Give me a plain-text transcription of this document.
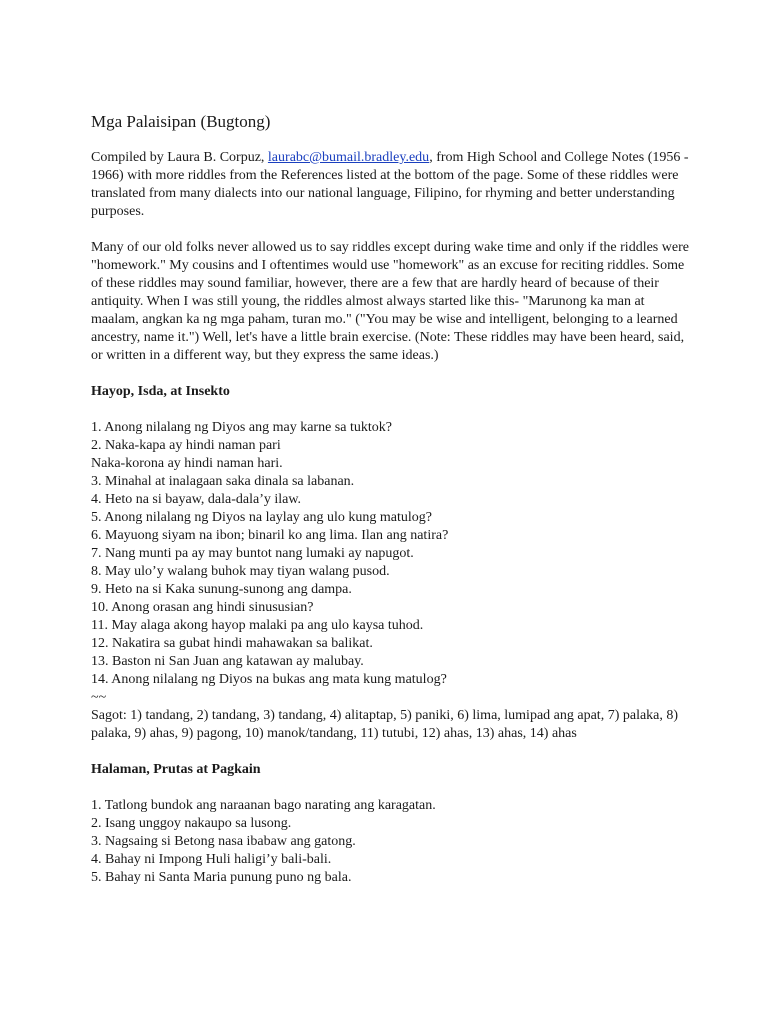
Mga Palaisipan (Bugtong)

Compiled by Laura B. Corpuz, laurabc@bumail.bradley.edu, from High School and College Notes (1956 - 1966) with more riddles from the References listed at the bottom of the page. Some of these riddles were translated from many dialects into our national language, Filipino, for rhyming and better understanding purposes.

Many of our old folks never allowed us to say riddles except during wake time and only if the riddles were "homework." My cousins and I oftentimes would use "homework" as an excuse for reciting riddles. Some of these riddles may sound familiar, however, there are a few that are hardly heard of because of their antiquity. When I was still young, the riddles almost always started like this- "Marunong ka man at maalam, angkan ka ng mga paham, turan mo." ("You may be wise and intelligent, belonging to a learned ancestry, name it.") Well, let's have a little brain exercise. (Note: These riddles may have been heard, said, or written in a different way, but they express the same ideas.)

Hayop, Isda, at Insekto

1. Anong nilalang ng Diyos ang may karne sa tuktok?

2. Naka-kapa ay hindi naman pari

Naka-korona ay hindi naman hari.

3. Minahal at inalagaan saka dinala sa labanan.

4. Heto na si bayaw, dala-dala’y ilaw.

5. Anong nilalang ng Diyos na laylay ang ulo kung matulog?

6. Mayuong siyam na ibon; binaril ko ang lima. Ilan ang natira?

7. Nang munti pa ay may buntot nang lumaki ay napugot.

8. May ulo’y walang buhok may tiyan walang pusod.

9. Heto na si Kaka sunung-sunong ang dampa.

10. Anong orasan ang hindi sinususian?

11. May alaga akong hayop malaki pa ang ulo kaysa tuhod.

12. Nakatira sa gubat hindi mahawakan sa balikat.

13. Baston ni San Juan ang katawan ay malubay.

14. Anong nilalang ng Diyos na bukas ang mata kung matulog?

~~

Sagot: 1) tandang, 2) tandang, 3) tandang, 4) alitaptap, 5) paniki, 6) lima, lumipad ang apat, 7) palaka, 8) palaka, 9) ahas, 9) pagong, 10) manok/tandang, 11) tutubi, 12) ahas, 13) ahas, 14) ahas

Halaman, Prutas at Pagkain

1. Tatlong bundok ang naraanan bago narating ang karagatan.

2. Isang unggoy nakaupo sa lusong.

3. Nagsaing si Betong nasa ibabaw ang gatong.

4. Bahay ni Impong Huli haligi’y bali-bali.

5. Bahay ni Santa Maria punung puno ng bala.
